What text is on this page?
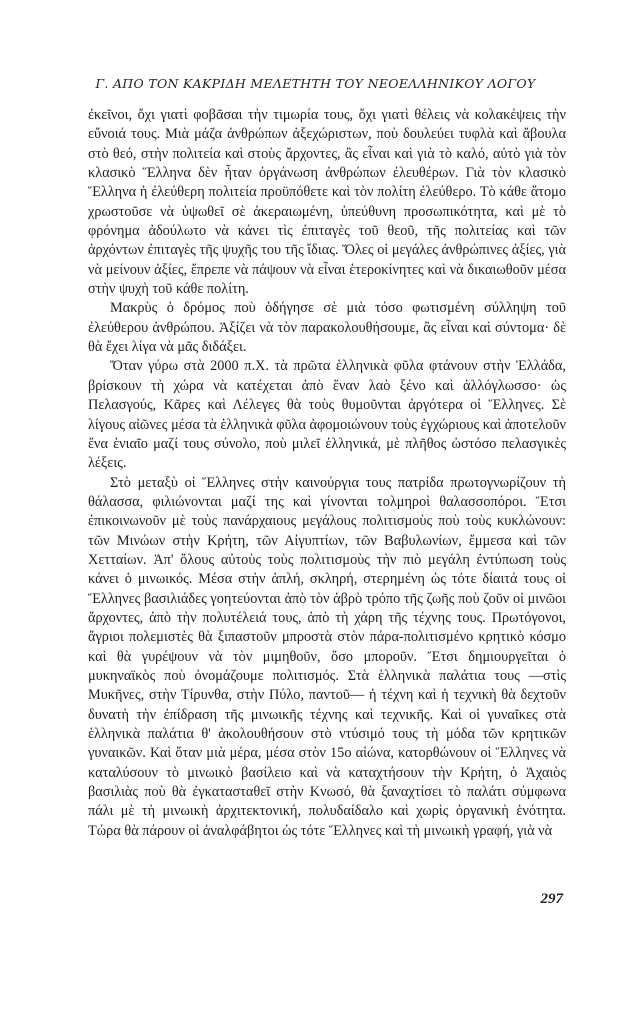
Γ. ΑΠΟ ΤΟΝ ΚΑΚΡΙΔΗ ΜΕΛΕΤΗΤΗ ΤΟΥ ΝΕΟΕΛΛΗΝΙΚΟΥ ΛΟΓΟΥ

ἐκεῖνοι, ὄχι γιατὶ φοβᾶσαι τὴν τιμωρία τους, ὄχι γιατὶ θέλεις νὰ κολακέψεις τὴν εὔνοιά τους. Μιὰ μάζα ἀνθρώπων ἀξεχώριστων, ποὺ δουλεύει τυφλὰ καὶ ἄβουλα στὸ θεό, στὴν πολιτεία καὶ στοὺς ἄρχοντες, ἂς εἶναι καὶ γιὰ τὸ καλό, αὐτὸ γιὰ τὸν κλασικὸ Ἕλληνα δὲν ἦταν ὀργάνωση ἀνθρώπων ἐλευθέρων. Γιὰ τὸν κλασικὸ Ἕλληνα ἡ ἐλεύθερη πολιτεία προϋπόθετε καὶ τὸν πολίτη ἐλεύθερο. Τὸ κάθε ἄτομο χρωστοῦσε νὰ ὑψωθεῖ σὲ ἀκεραιωμένη, ὑπεύθυνη προσωπικότητα, καὶ μὲ τὸ φρόνημα ἀδούλωτο νὰ κάνει τὶς ἐπιταγὲς τοῦ θεοῦ, τῆς πολιτείας καὶ τῶν ἀρχόντων ἐπιταγὲς τῆς ψυχῆς του τῆς ἴδιας. Ὅλες οἱ μεγάλες ἀνθρώπινες ἀξίες, γιὰ νὰ μείνουν ἀξίες, ἔπρεπε νὰ πάψουν νὰ εἶναι ἑτεροκίνητες καὶ νὰ δικαιωθοῦν μέσα στὴν ψυχὴ τοῦ κάθε πολίτη.

Μακρὺς ὁ δρόμος ποὺ ὁδήγησε σὲ μιὰ τόσο φωτισμένη σύλληψη τοῦ ἐλεύθερου ἀνθρώπου. Ἀξίζει νὰ τὸν παρακολουθήσουμε, ἂς εἶναι καὶ σύντομα· δὲ θὰ ἔχει λίγα νὰ μᾶς διδάξει.

Ὅταν γύρω στὰ 2000 π.Χ. τὰ πρῶτα ἑλληνικὰ φῦλα φτάνουν στὴν Ἑλλάδα, βρίσκουν τὴ χώρα νὰ κατέχεται ἀπὸ ἕναν λαὸ ξένο καὶ ἀλλόγλωσσο· ὡς Πελασγούς, Κᾶρες καὶ Λέλεγες θὰ τοὺς θυμοῦνται ἀργότερα οἱ Ἕλληνες. Σὲ λίγους αἰῶνες μέσα τὰ ἑλληνικὰ φῦλα ἀφομοιώνουν τοὺς ἐγχώριους καὶ ἀποτελοῦν ἕνα ἑνιαῖο μαζί τους σύνολο, ποὺ μιλεῖ ἑλληνικά, μὲ πλῆθος ὡστόσο πελασγικὲς λέξεις.

Στὸ μεταξὺ οἱ Ἕλληνες στὴν καινούργια τους πατρίδα πρωτογνωρίζουν τὴ θάλασσα, φιλιώνονται μαζί της καὶ γίνονται τολμηροὶ θαλασσοπόροι. Ἔτσι ἐπικοινωνοῦν μὲ τοὺς πανάρχαιους μεγάλους πολιτισμοὺς ποὺ τοὺς κυκλώνουν: τῶν Μινώων στὴν Κρήτη, τῶν Αἰγυπτίων, τῶν Βαβυλωνίων, ἔμμεσα καὶ τῶν Χετταίων. Ἀπ' ὅλους αὐτοὺς τοὺς πολιτισμοὺς τὴν πιὸ μεγάλη ἐντύπωση τοὺς κάνει ὁ μινωικός. Μέσα στὴν ἁπλή, σκληρή, στερημένη ὡς τότε δίαιτά τους οἱ Ἕλληνες βασιλιάδες γοητεύονται ἀπὸ τὸν ἁβρὸ τρόπο τῆς ζωῆς ποὺ ζοῦν οἱ μινῶοι ἄρχοντες, ἀπὸ τὴν πολυτέλειά τους, ἀπὸ τὴ χάρη τῆς τέχνης τους. Πρωτόγονοι, ἄγριοι πολεμιστὲς θὰ ξιπαστοῦν μπροστὰ στὸν πάρα-πολιτισμένο κρητικὸ κόσμο καὶ θὰ γυρέψουν νὰ τὸν μιμηθοῦν, ὅσο μποροῦν. Ἔτσι δημιουργεῖται ὁ μυκηναϊκὸς ποὺ ὀνομάζουμε πολιτισμός. Στὰ ἑλληνικὰ παλάτια τους —στὶς Μυκῆνες, στὴν Τίρυνθα, στὴν Πύλο, παντοῦ— ἡ τέχνη καὶ ἡ τεχνικὴ θὰ δεχτοῦν δυνατὴ τὴν ἐπίδραση τῆς μινωικῆς τέχνης καὶ τεχνικῆς. Καὶ οἱ γυναῖκες στὰ ἑλληνικὰ παλάτια θ' ἀκολουθήσουν στὸ ντύσιμό τους τὴ μόδα τῶν κρητικῶν γυναικῶν. Καὶ ὅταν μιὰ μέρα, μέσα στὸν 15ο αἰώνα, κατορθώνουν οἱ Ἕλληνες νὰ καταλύσουν τὸ μινωικὸ βασίλειο καὶ νὰ καταχτήσουν τὴν Κρήτη, ὁ Ἀχαιὸς βασιλιὰς ποὺ θὰ ἐγκατασταθεῖ στὴν Κνωσό, θὰ ξαναχτίσει τὸ παλάτι σύμφωνα πάλι μὲ τὴ μινωικὴ ἀρχιτεκτονική, πολυδαίδαλο καὶ χωρὶς ὀργανικὴ ἑνότητα. Τώρα θὰ πάρουν οἱ ἀναλφάβητοι ὡς τότε Ἕλληνες καὶ τὴ μινωικὴ γραφή, γιὰ νὰ

297
